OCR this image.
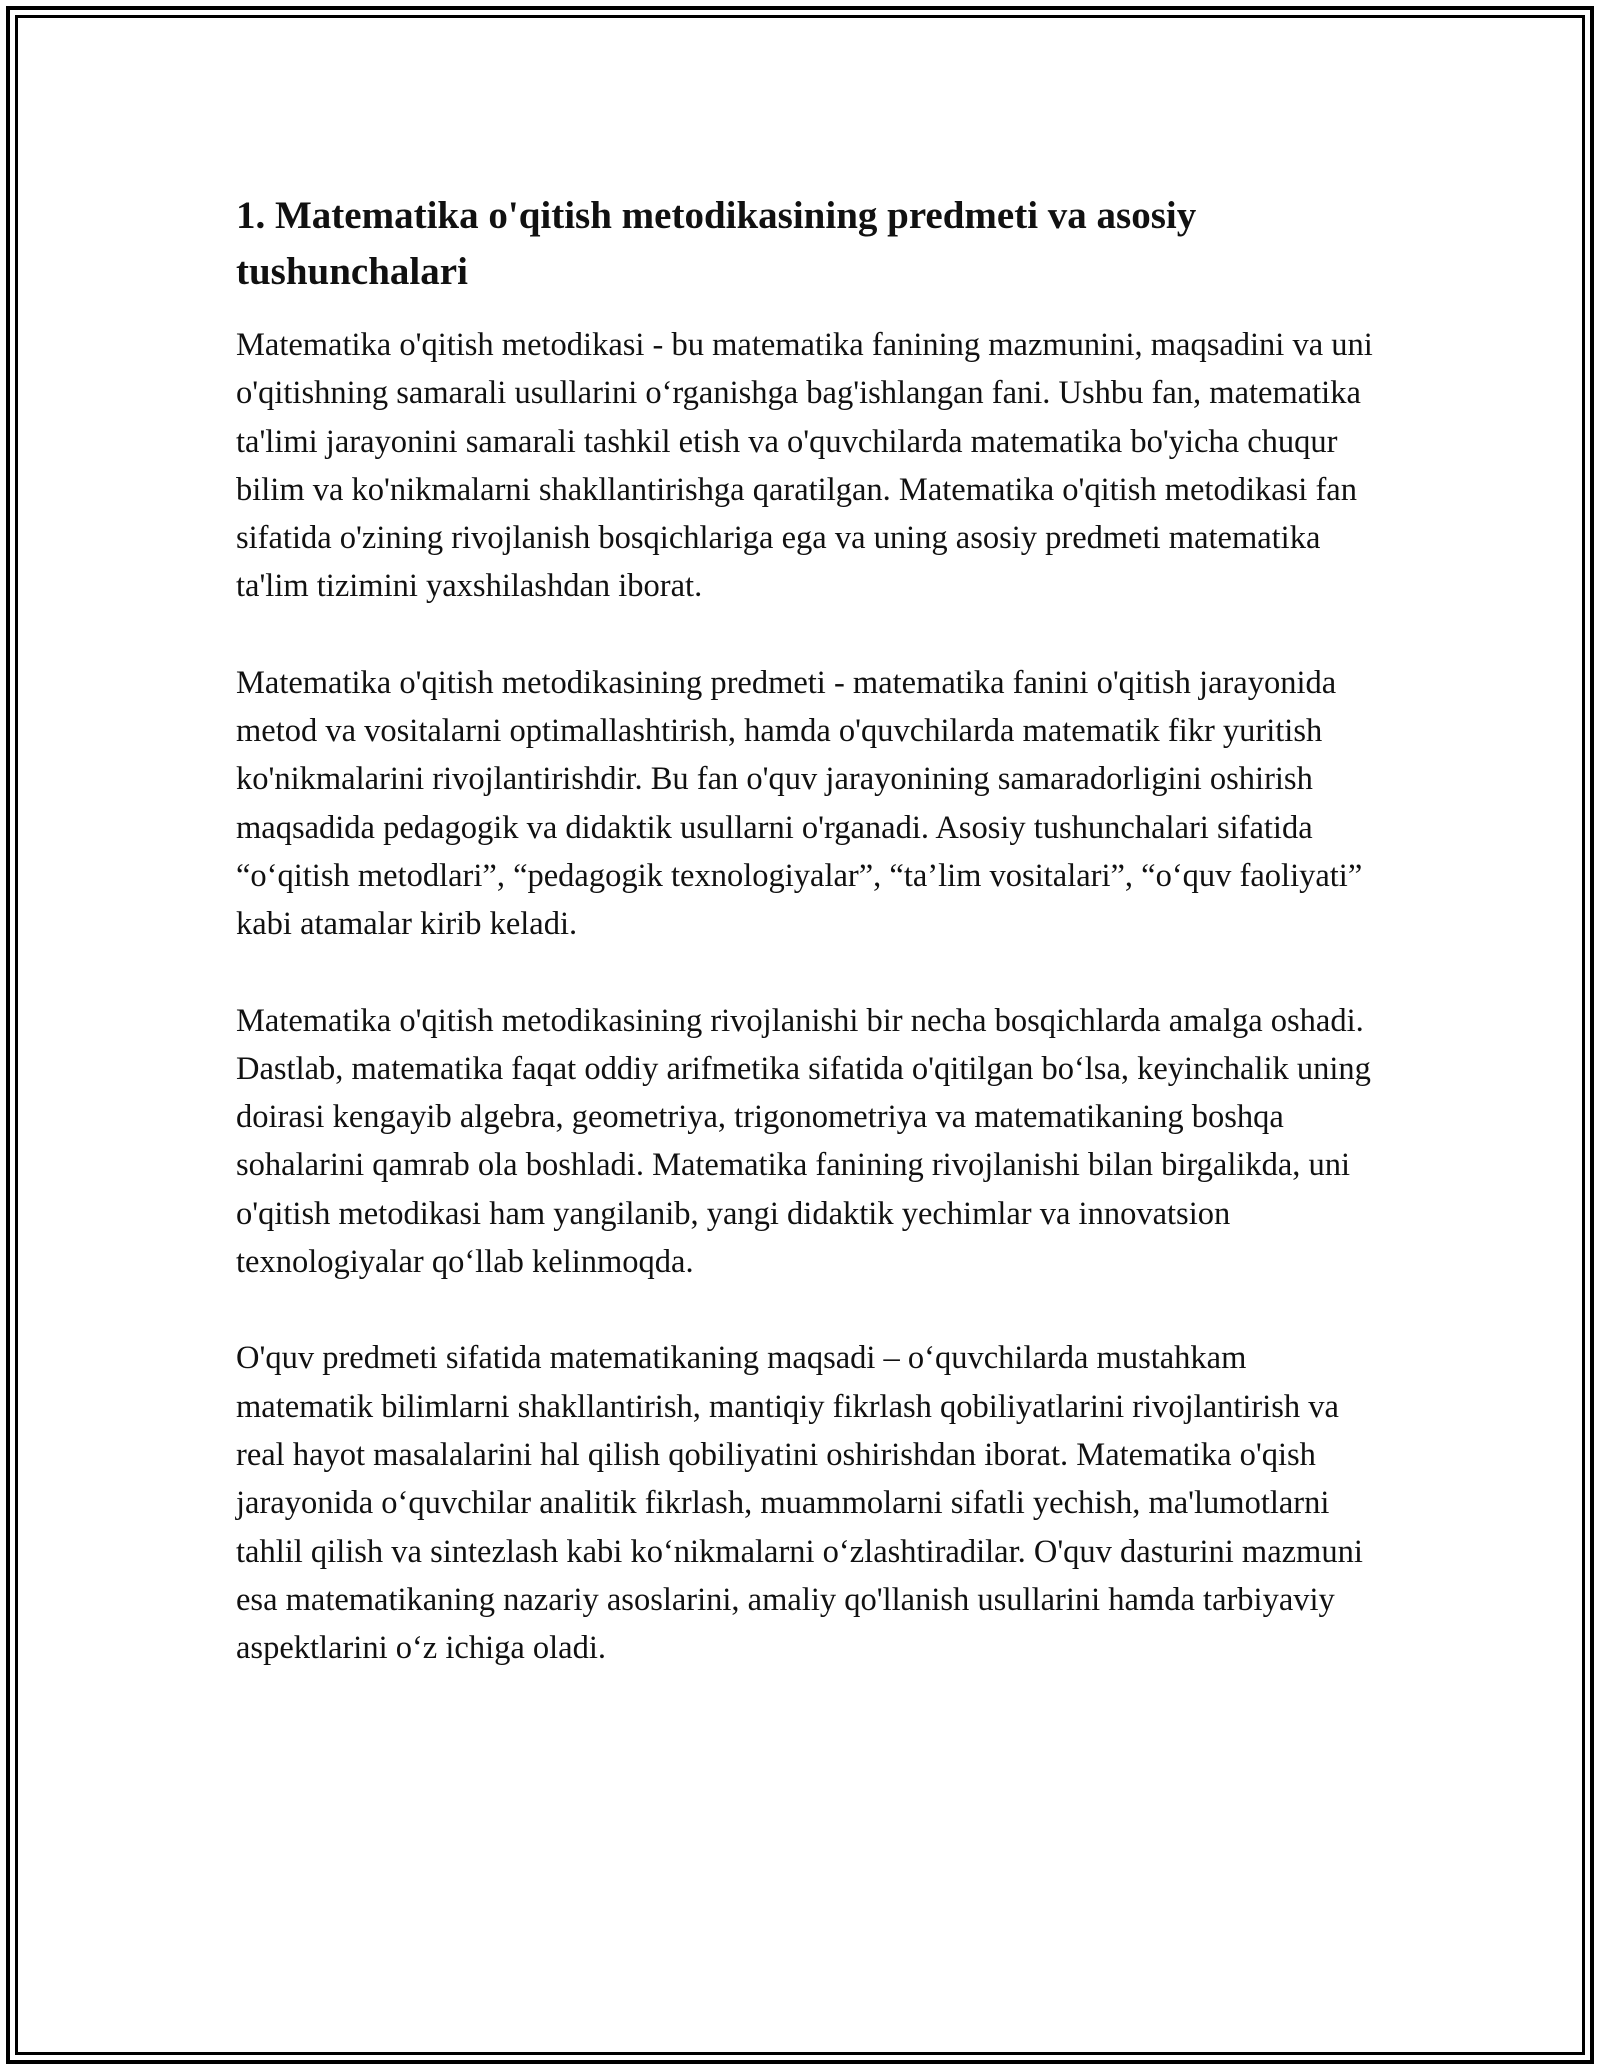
1. Matematika o'qitish metodikasining predmeti va asosiy tushunchalari

Matematika o'qitish metodikasi - bu matematika fanining mazmunini, maqsadini va uni o'qitishning samarali usullarini o‘rganishga bag'ishlangan fani. Ushbu fan, matematika ta'limi jarayonini samarali tashkil etish va o'quvchilarda matematika bo'yicha chuqur bilim va ko'nikmalarni shakllantirishga qaratilgan. Matematika o'qitish metodikasi fan sifatida o'zining rivojlanish bosqichlariga ega va uning asosiy predmeti matematika ta'lim tizimini yaxshilashdan iborat.

Matematika o'qitish metodikasining predmeti - matematika fanini o'qitish jarayonida metod va vositalarni optimallashtirish, hamda o'quvchilarda matematik fikr yuritish ko'nikmalarini rivojlantirishdir. Bu fan o'quv jarayonining samaradorligini oshirish maqsadida pedagogik va didaktik usullarni o'rganadi. Asosiy tushunchalari sifatida “o‘qitish metodlari”, “pedagogik texnologiyalar”, “ta’lim vositalari”, “o‘quv faoliyati” kabi atamalar kirib keladi.

Matematika o'qitish metodikasining rivojlanishi bir necha bosqichlarda amalga oshadi. Dastlab, matematika faqat oddiy arifmetika sifatida o'qitilgan bo‘lsa, keyinchalik uning doirasi kengayib algebra, geometriya, trigonometriya va matematikaning boshqa sohalarini qamrab ola boshladi. Matematika fanining rivojlanishi bilan birgalikda, uni o'qitish metodikasi ham yangilanib, yangi didaktik yechimlar va innovatsion texnologiyalar qo‘llab kelinmoqda.

O'quv predmeti sifatida matematikaning maqsadi – o‘quvchilarda mustahkam matematik bilimlarni shakllantirish, mantiqiy fikrlash qobiliyatlarini rivojlantirish va real hayot masalalarini hal qilish qobiliyatini oshirishdan iborat. Matematika o'qish jarayonida o‘quvchilar analitik fikrlash, muammolarni sifatli yechish, ma'lumotlarni tahlil qilish va sintezlash kabi ko‘nikmalarni o‘zlashtiradilar. O'quv dasturini mazmuni esa matematikaning nazariy asoslarini, amaliy qo'llanish usullarini hamda tarbiyaviy aspektlarini o‘z ichiga oladi.
